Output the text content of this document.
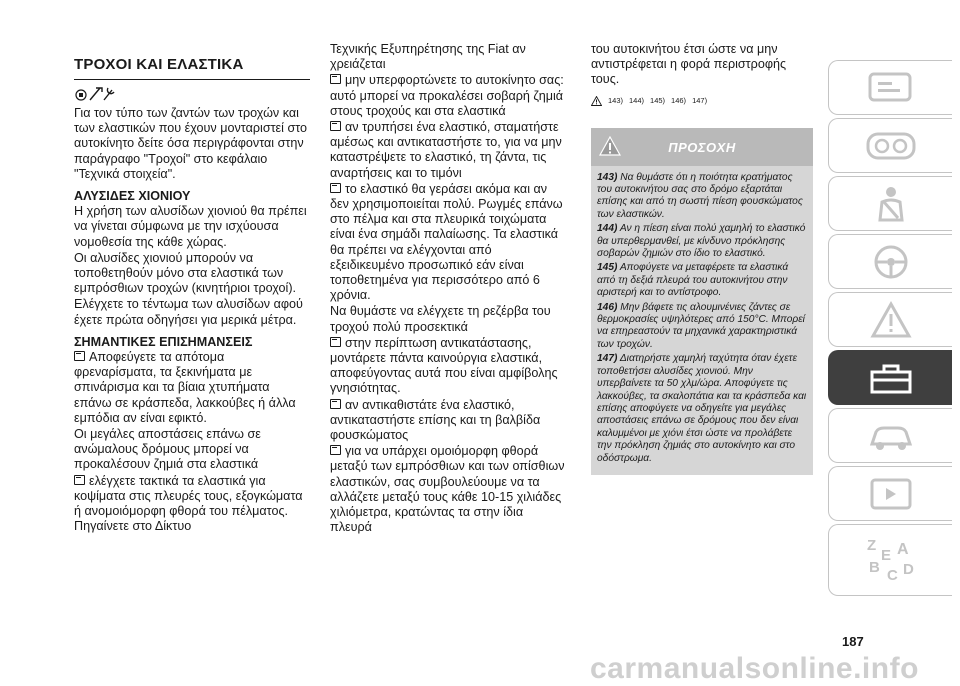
ΤΡΟΧΟΙ ΚΑΙ ΕΛΑΣΤΙΚΑ

Για τον τύπο των ζαντών των τροχών και των ελαστικών που έχουν μονταριστεί στο αυτοκίνητο δείτε όσα περιγράφονται στην παράγραφο "Τροχοί" στο κεφάλαιο "Τεχνικά στοιχεία".

ΑΛΥΣΙΔΕΣ ΧΙΟΝΙΟΥ

Η χρήση των αλυσίδων χιονιού θα πρέπει να γίνεται σύμφωνα με την ισχύουσα νομοθεσία της κάθε χώρας.

Οι αλυσίδες χιονιού μπορούν να τοποθετηθούν μόνο στα ελαστικά των εμπρόσθιων τροχών (κινητήριοι τροχοί).

Ελέγχετε το τέντωμα των αλυσίδων αφού έχετε πρώτα οδηγήσει για μερικά μέτρα.

ΣΗΜΑΝΤΙΚΕΣ ΕΠΙΣΗΜΑΝΣΕΙΣ

Αποφεύγετε τα απότομα φρεναρίσματα, τα ξεκινήματα με σπινάρισμα και τα βίαια χτυπήματα επάνω σε κράσπεδα, λακκούβες ή άλλα εμπόδια αν είναι εφικτό.

Οι μεγάλες αποστάσεις επάνω σε ανώμαλους δρόμους μπορεί να προκαλέσουν ζημιά στα ελαστικά

ελέγχετε τακτικά τα ελαστικά για κοψίματα στις πλευρές τους, εξογκώματα ή ανομοιόμορφη φθορά του πέλματος. Πηγαίνετε στο Δίκτυο

Τεχνικής Εξυπηρέτησης της Fiat αν χρειάζεται

μην υπερφορτώνετε το αυτοκίνητο σας: αυτό μπορεί να προκαλέσει σοβαρή ζημιά στους τροχούς και στα ελαστικά

αν τρυπήσει ένα ελαστικό, σταματήστε αμέσως και αντικαταστήστε το, για να μην καταστρέψετε το ελαστικό, τη ζάντα, τις αναρτήσεις και το τιμόνι

το ελαστικό θα γεράσει ακόμα και αν δεν χρησιμοποιείται πολύ. Ρωγμές επάνω στο πέλμα και στα πλευρικά τοιχώματα είναι ένα σημάδι παλαίωσης. Τα ελαστικά θα πρέπει να ελέγχονται από εξειδικευμένο προσωπικό εάν είναι τοποθετημένα για περισσότερο από 6 χρόνια.

Να θυμάστε να ελέγχετε τη ρεζέρβα του τροχού πολύ προσεκτικά

στην περίπτωση αντικατάστασης, μοντάρετε πάντα καινούργια ελαστικά, αποφεύγοντας αυτά που είναι αμφίβολης γνησιότητας.

αν αντικαθιστάτε ένα ελαστικό, αντικαταστήστε επίσης και τη βαλβίδα φουσκώματος

για να υπάρχει ομοιόμορφη φθορά μεταξύ των εμπρόσθιων και των οπίσθιων ελαστικών, σας συμβουλεύουμε να τα αλλάζετε μεταξύ τους κάθε 10-15 χιλιάδες χιλιόμετρα, κρατώντας τα στην ίδια πλευρά

του αυτοκινήτου έτσι ώστε να μην αντιστρέφεται η φορά περιστροφής τους.

143) 144) 145) 146) 147)
ΠΡΟΣΟΧΗ

143) Να θυμάστε ότι η ποιότητα κρατήματος του αυτοκινήτου σας στο δρόμο εξαρτάται επίσης και από τη σωστή πίεση φουσκώματος των ελαστικών.

144) Αν η πίεση είναι πολύ χαμηλή το ελαστικό θα υπερθερμανθεί, με κίνδυνο πρόκλησης σοβαρών ζημιών στο ίδιο το ελαστικό.

145) Αποφύγετε να μεταφέρετε τα ελαστικά από τη δεξιά πλευρά του αυτοκινήτου στην αριστερή και το αντίστροφο.

146) Μην βάφετε τις αλουμινένιες ζάντες σε θερμοκρασίες υψηλότερες από 150°C. Μπορεί να επηρεαστούν τα μηχανικά χαρακτηριστικά των τροχών.

147) Διατηρήστε χαμηλή ταχύτητα όταν έχετε τοποθετήσει αλυσίδες χιονιού. Μην υπερβαίνετε τα 50 χλμ/ώρα. Αποφύγετε τις λακκούβες, τα σκαλοπάτια και τα κράσπεδα και επίσης αποφύγετε να οδηγείτε για μεγάλες αποστάσεις επάνω σε δρόμους που δεν είναι καλυμμένοι με χιόνι έτσι ώστε να προλάβετε την πρόκληση ζημιάς στο αυτοκίνητο και στο οδόστρωμα.

187
Z
E A
B C D
carmanualsonline.info
